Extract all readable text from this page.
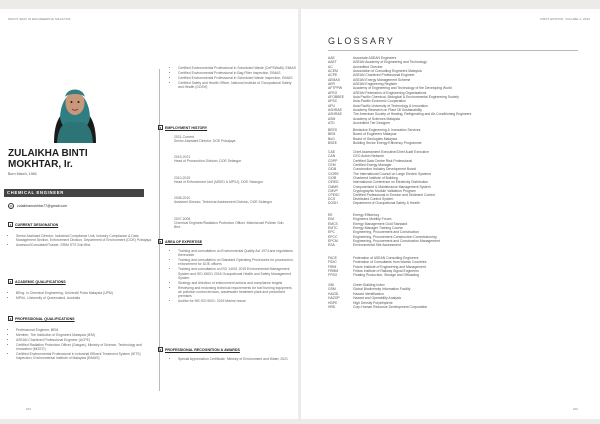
WHO'S WHO IN ENGINEERING MALAYSIA
ZULAIKHA BINTI
MOKHTAR, Ir.
Born March, 1984
CHEMICAL ENGINEER
@	zulaikhamokhtar77@gmail.com
1	CURRENT DESIGNATION
• Senior Assistant Director, Industrial Compliance Unit, Industry Compliance & Data Management Section, Enforcement Division, Department of Environment (DOE) Putrajaya
• Assessor/Consultant/Trainer, SRIM STS Sdn Bhd
2	ACADEMIC QUALIFICATIONS
• BEng. in Chemical Engineering, Universiti Putra Malaysia (UPM)
• MPhil., University of Queensland, Australia
3	PROFESSIONAL QUALIFICATIONS
• Professional Engineer, BEM
• Member, The Institution of Engineers Malaysia (IEM)
• ASEAN Chartered Professional Engineer (ACPE)
• Certified Radiation Protection Officer (Gasgas), Ministry of Science, Technology and Innovation (MOSTI)
• Certified Environmental Professional in Industrial Effluent Treatment System (IETS) Inspection, Environmental Institute of Malaysia (EiMAS)
• Certified Environmental Professional in Scheduled Waste (CePSWaM), EiMAS
• Certified Environmental Professional in Bag Filter Inspection, EiMAS
• Certified Environmental Professional in Scheduled Waste Inspection, EiMAS
• Certified Safety and Health Officer, National Institute of Occupational Safety and Health (DOSH)
4	EMPLOYMENT HISTORY
2021-Current
Senior Assistant Director, DOE Putrajaya
2019-2021
Head of Prosecution Division, DOE Selangor
2010-2019
Head of Enforcement Unit (MSED & MPSJ), DOE Selangor
2008-2010
Assistant Director, Technical Assessment Division, DOE Selangor
2007-2008
Chemical Engineer/Radiation Protection Officer, Malmicroalt Polimer Sdn. Bhd.
5	AREA OF EXPERTISE
• Training and consultation on Environmental Quality Act 1974 and regulations thereunder
• Training and consultation on Standard Operating Procedures for prosecution, enforcement for DOE officers
• Training and consultation on ISO 14001 2015 Environmental Management System and ISO 45001 2018 Occupational Health and Safety Management System
• Strategy and direction of enforcement actions and compliance targets
• Reviewing and endorsing technical requirements for fuel burning equipment, air pollution control devices, wastewater treatment plant and prescribed premises
• Auditor for MS ISO 9001: 2015 Marine house
6	PROFESSIONAL RECOGNITION & AWARDS
• Special Appreciation Certificate, Ministry of Environment and Water, 2021
#10
FIRST EDITION, VOLUME 4, 2022
#10
GLOSSARY
AAE	Associate ASEAN Engineers
AAET	ASEAN Academy of Engineering and Technology
AC	Accredited Checker
ACEM	Association of Consulting Engineers Malaysia
ACPE	ASEAN Chartered Professional Engineer
AEMAS	ASEAN Energy Management Scheme
AER	ASEAN Engineering Register
AFTPPW	Academy of Engineering and Technology of the Developing World
AFEO	ASEAN Federation of Engineering Organisations
AFOBBEE	Asia Pacific Chemical, Biological & Environmental Engineering Society
APSC	Asia-Pacific Economic Cooperation
APU	Asia Pacific University of Technology & Innovation
ASHRAE	Academy Research on Plant Oil Sustainability
ASHRAE	The American Society of Heating, Refrigerating and Air-Conditioning Engineers
ASM	Academy of Sciences Malaysia
ATD	Accredited Tier Designer
BEES	Bestsolve Engineering & Innovation Services
BEM	Board of Engineers Malaysia
BoG	Board of Geologists Malaysia
BSEE	Building Sector Energy Efficiency Programme
CAE	Chief Assessment Executive/Chief Audit Executive
CAN	CEO Action Network
CDPP	Certified Data Centre Risk Professional
CEM	Certified Energy Manager
CIDB	Construction Industry Development Board
CIGRE	The International Council on Large Electric Systems
CIOB	Chartered Institute of Building
CIRED	International Conference on Electricity Distribution
CMMS	Computerised & Maintenance Management System
CMVP	Cryptographic Module Validation Program
CPESC	Certified Professional in Erosion and Sediment Control
DCS	Distributed Control System
DOSH	Department of Occupational Safety & Health
EE	Energy Efficiency
EIM	Engineers Mobility Forum
EMCS	Energy Management Gold Standard
EMTC	Energy Manager Training Course
EPC	Engineering, Procurement and Construction
EPCC	Engineering, Procurement Construction Commissioning
EPCM	Engineering, Procurement and Construction Management
ESA	Environmental Site Assessment
FACE	Federation of ASEAN Consulting Engineers
FIDIC	Federation of Consultants from Islamic Countries
FIRM	Future Institute of Engineering and Management
FRMM	Fellow Institute of Railway Signal Engineers
FPSO	Floating Production, Storage and Offloading
GBI	Green Building Index
GSM	Global Biodiversity Information Facility
HAZID	Hazard Identification
HAZOP	Hazard and Operability Analysis
HDPE	High Density Polyethylene
HRD	Corp Human Resource Development Corporation
